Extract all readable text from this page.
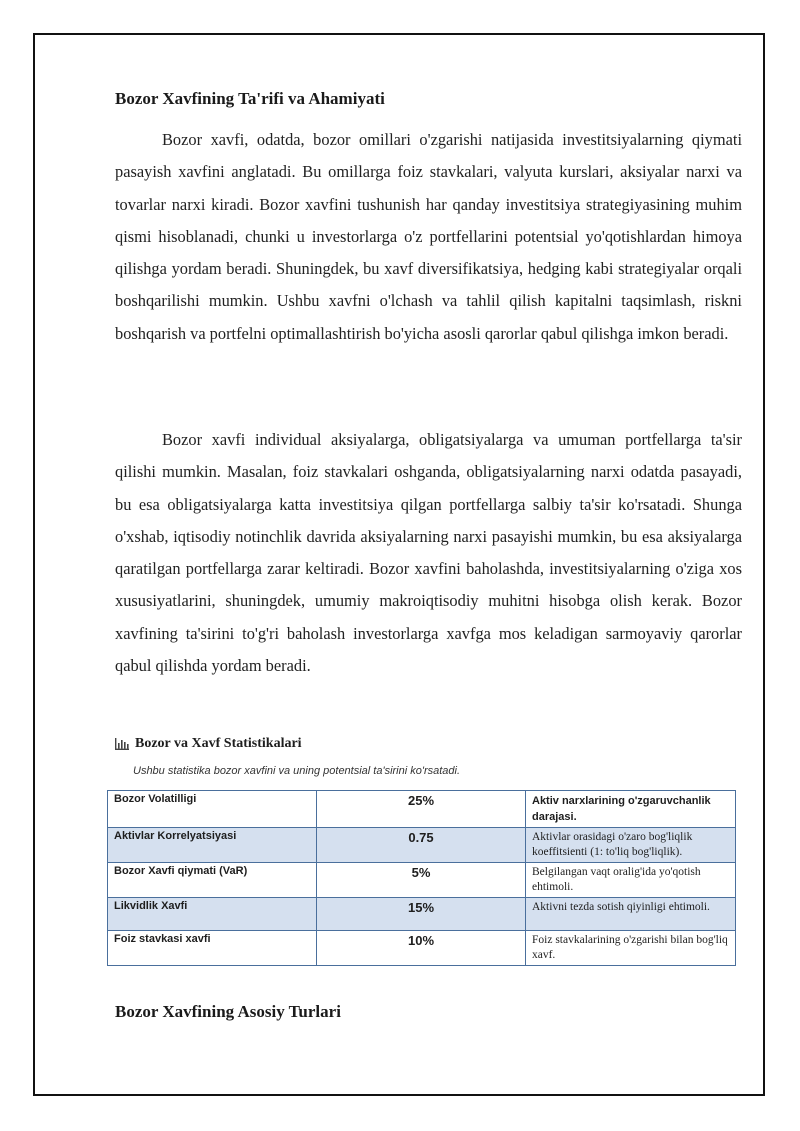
Bozor Xavfining Ta'rifi va Ahamiyati

Bozor xavfi, odatda, bozor omillari o'zgarishi natijasida investitsiyalarning qiymati pasayish xavfini anglatadi. Bu omillarga foiz stavkalari, valyuta kurslari, aksiyalar narxi va tovarlar narxi kiradi. Bozor xavfini tushunish har qanday investitsiya strategiyasining muhim qismi hisoblanadi, chunki u investorlarga o'z portfellarini potentsial yo'qotishlardan himoya qilishga yordam beradi. Shuningdek, bu xavf diversifikatsiya, hedging kabi strategiyalar orqali boshqarilishi mumkin. Ushbu xavfni o'lchash va tahlil qilish kapitalni taqsimlash, riskni boshqarish va portfelni optimallashtirish bo'yicha asosli qarorlar qabul qilishga imkon beradi.

Bozor xavfi individual aksiyalarga, obligatsiyalarga va umuman portfellarga ta'sir qilishi mumkin. Masalan, foiz stavkalari oshganda, obligatsiyalarning narxi odatda pasayadi, bu esa obligatsiyalarga katta investitsiya qilgan portfellarga salbiy ta'sir ko'rsatadi. Shunga o'xshab, iqtisodiy notinchlik davrida aksiyalarning narxi pasayishi mumkin, bu esa aksiyalarga qaratilgan portfellarga zarar keltiradi. Bozor xavfini baholashda, investitsiyalarning o'ziga xos xususiyatlarini, shuningdek, umumiy makroiqtisodiy muhitni hisobga olish kerak. Bozor xavfining ta'sirini to'g'ri baholash investorlarga xavfga mos keladigan sarmoyaviy qarorlar qabul qilishda yordam beradi.

Bozor va Xavf Statistikalari
Ushbu statistika bozor xavfini va uning potentsial ta'sirini ko'rsatadi.
Bozor Volatilligi	25%	Aktiv narxlarining o'zgaruvchanlik darajasi.
Aktivlar Korrelyatsiyasi	0.75	Aktivlar orasidagi o'zaro bog'liqlik koeffitsienti (1: to'liq bog'liqlik).
Bozor Xavfi qiymati (VaR)	5%	Belgilangan vaqt oralig'ida yo'qotish ehtimoli.
Likvidlik Xavfi	15%	Aktivni tezda sotish qiyinligi ehtimoli.
Foiz stavkasi xavfi	10%	Foiz stavkalarining o'zgarishi bilan bog'liq xavf.
Bozor Xavfining Asosiy Turlari
